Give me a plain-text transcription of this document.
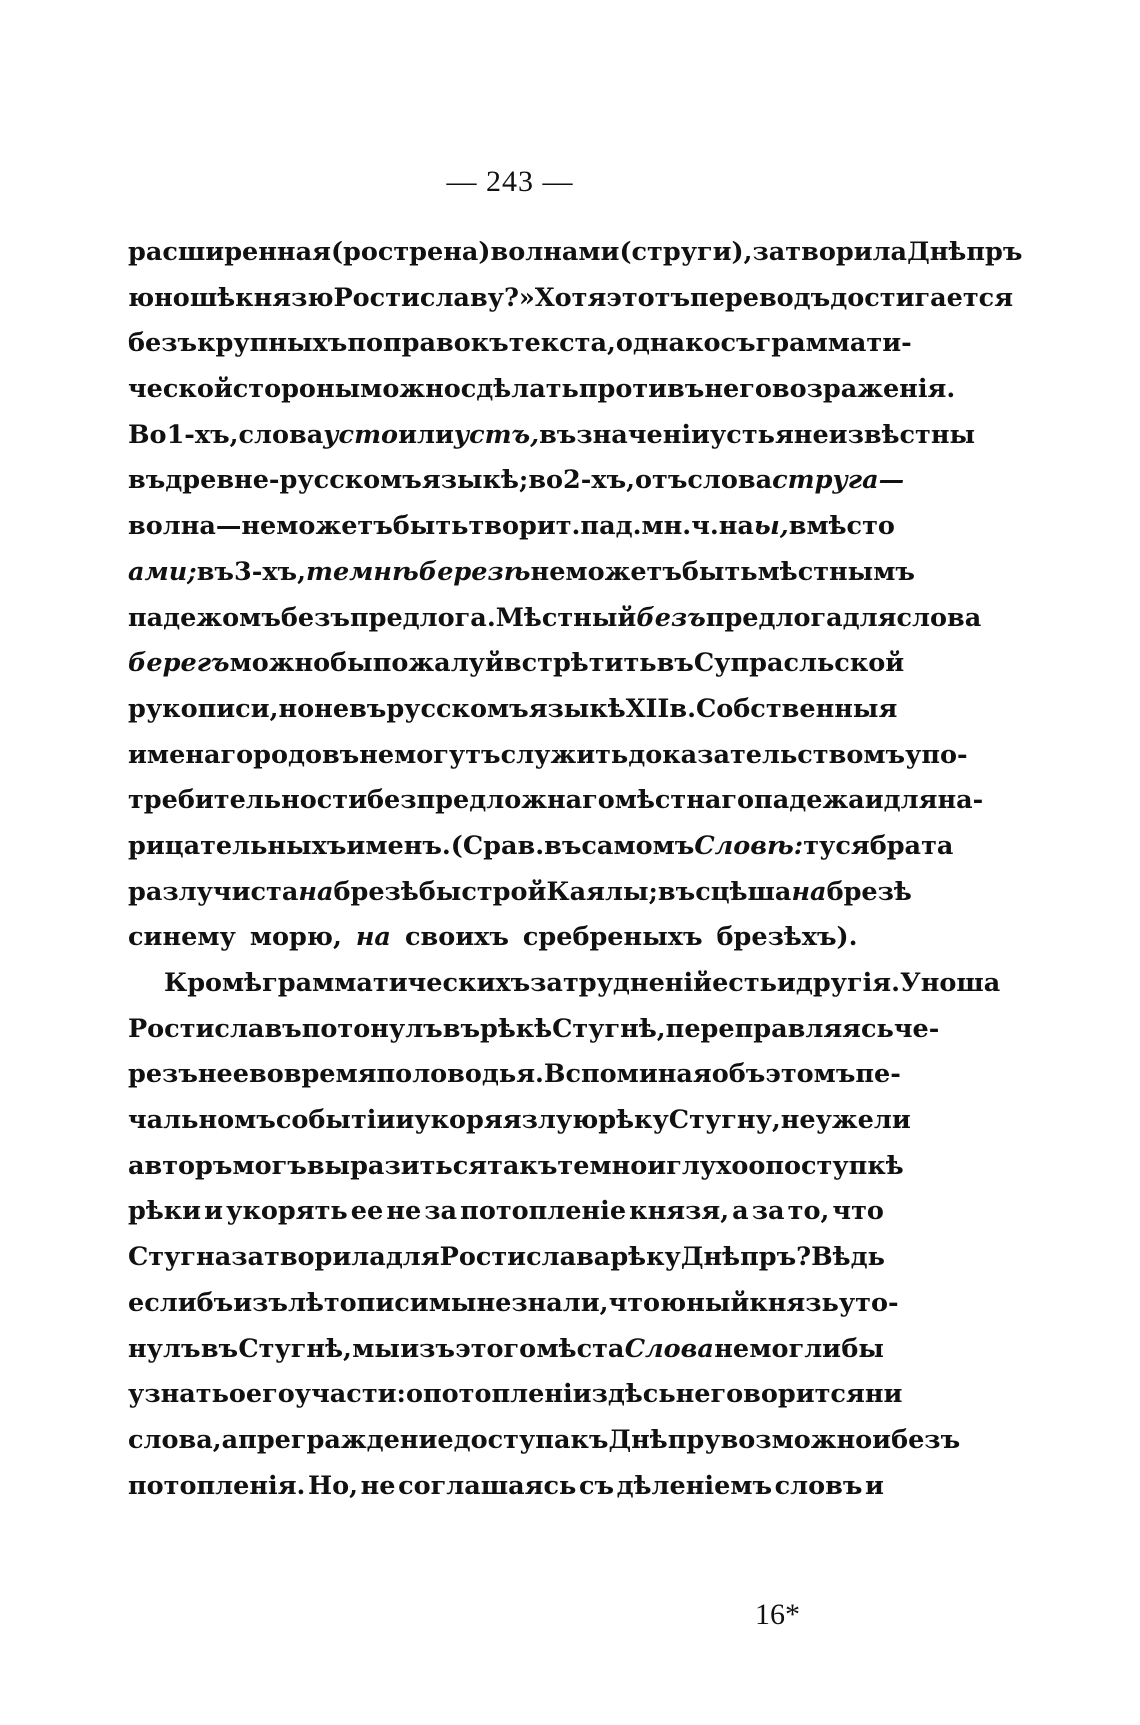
— 243 —
расширенная (рострена) волнами (струги), затворила Днѣпръ
юношѣ князю Ростиславу?» Хотя этотъ переводъ достигается
безъ крупныхъ поправокъ текста, однако съ граммати-
ческой стороны можно сдѣлать противъ него возраженія.
Во 1-хъ, слова усто или устъ, въ значеніи устья неизвѣстны
въ древне-русскомъ языкѣ; во 2-хъ, отъ слова струга—
волна—не можетъ быть творит. пад. мн. ч. на ы, вмѣсто
ами; въ 3-хъ, темнѣ березѣ не можетъ быть мѣстнымъ
падежомъ безъ предлога. Мѣстный безъ предлога для слова
берегъ можно бы пожалуй встрѣтить въ Супрасльской
рукописи, но не въ русскомъ языкѣ XII в. Собственныя
имена городовъ не могутъ служить доказательствомъ упо-
требительности безпредложнаго мѣстнаго падежа и для на-
рицательныхъ именъ. (Срав. въ самомъ Словѣ: ту ся брата
разлучиста на брезѣ быстрой Каялы; въсцѣша на брезѣ
синему морю, на своихъ сребреныхъ брезѣхъ).
Кромѣ грамматическихъ затрудненій есть и другія. Уноша
Ростиславъ потонулъ въ рѣкѣ Стугнѣ, переправляясь че-
резъ нее во время половодья. Вспоминая объ этомъ пе-
чальномъ событіи и укоряя злую рѣку Стугну, неужели
авторъ могъ выразиться такъ темно и глухо о поступкѣ
рѣки и укорять ее не за потопленіе князя, а за то, что
Стугна затворила для Ростислава рѣку Днѣпръ? Вѣдь
еслибъ изъ лѣтописи мы не знали, что юный князь уто-
нулъ въ Стугнѣ, мы изъ этого мѣста Слова не могли бы
узнать о его участи: о потопленіи здѣсь не говорится ни
слова, а преграждение доступа къ Днѣпру возможно и безъ
потопленія. Но, не соглашаясь съ дѣленіемъ словъ и
16*
